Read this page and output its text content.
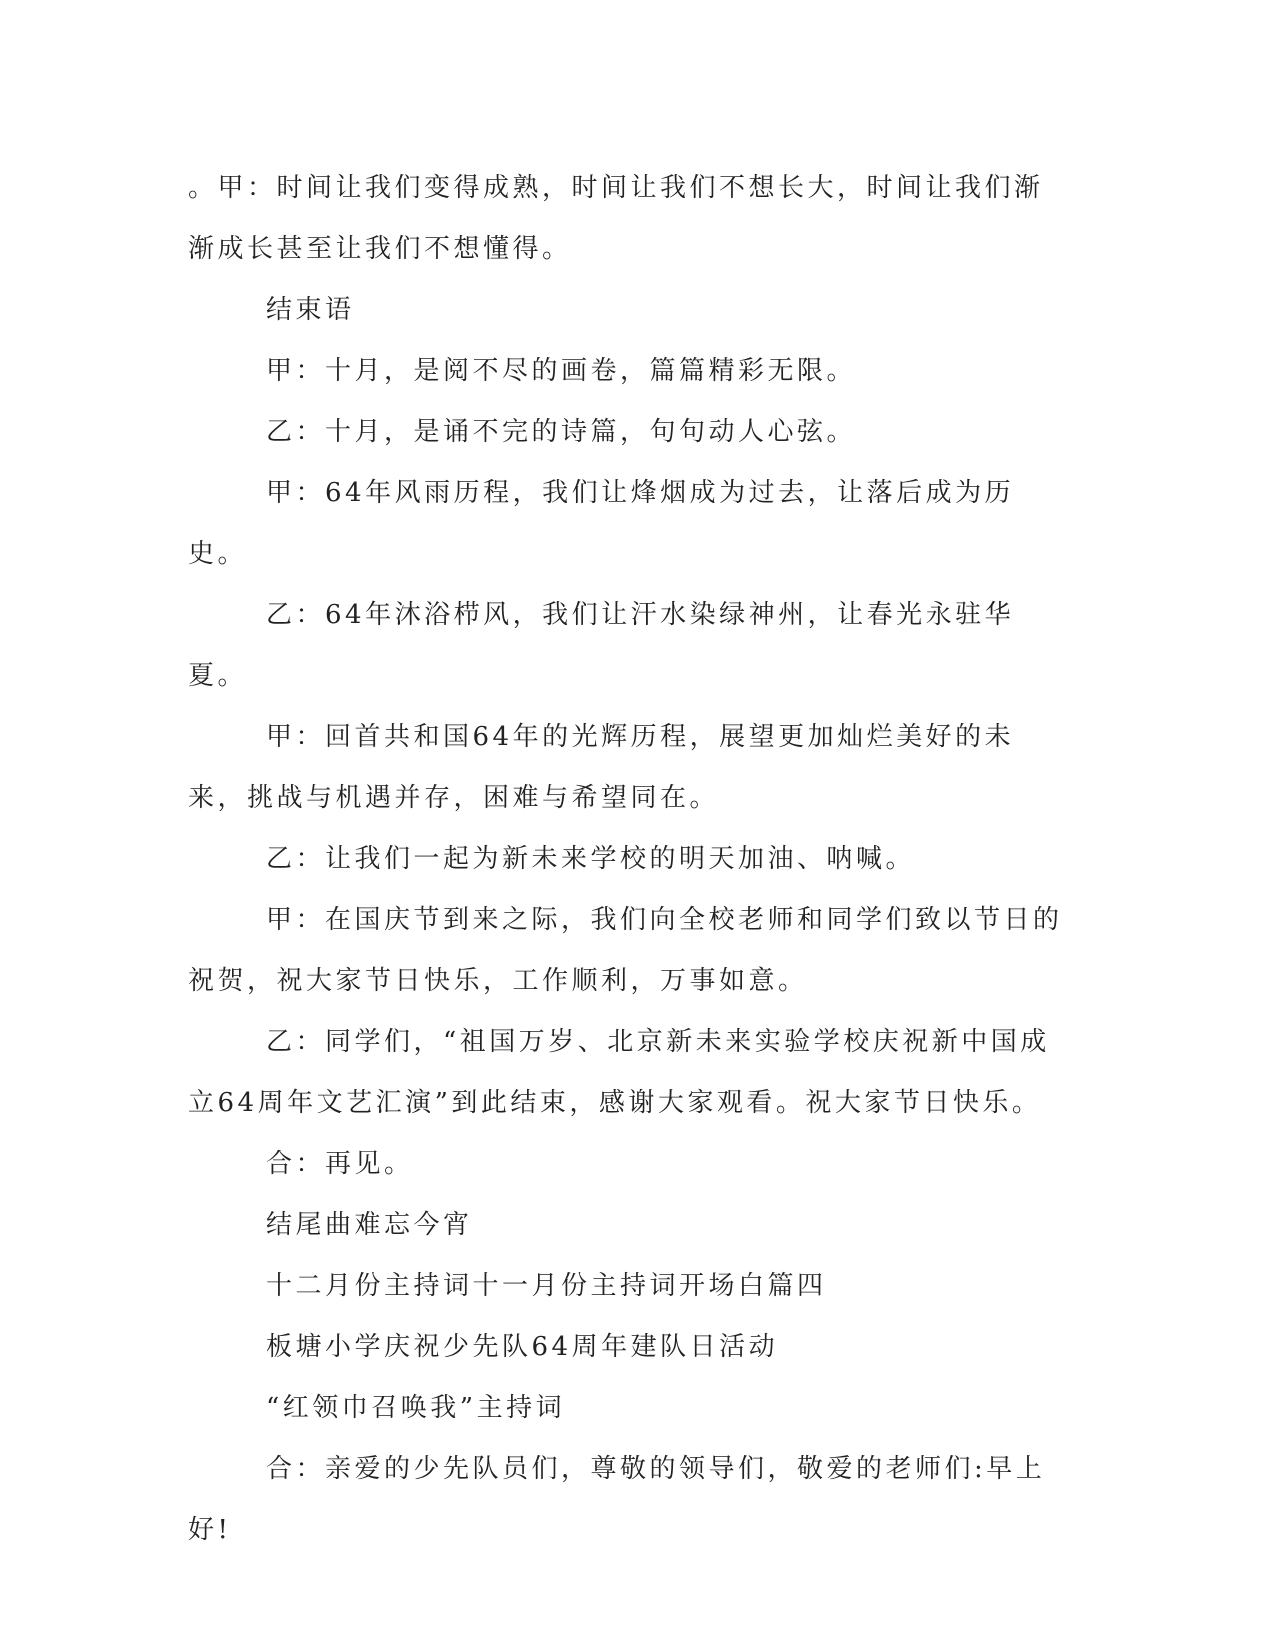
。甲：时间让我们变得成熟，时间让我们不想长大，时间让我们渐渐成长甚至让我们不想懂得。

结束语

甲：十月，是阅不尽的画卷，篇篇精彩无限。

乙：十月，是诵不完的诗篇，句句动人心弦。

甲：64年风雨历程，我们让烽烟成为过去，让落后成为历史。

乙：64年沐浴栉风，我们让汗水染绿神州，让春光永驻华夏。

甲：回首共和国64年的光辉历程，展望更加灿烂美好的未来，挑战与机遇并存，困难与希望同在。

乙：让我们一起为新未来学校的明天加油、呐喊。

甲：在国庆节到来之际，我们向全校老师和同学们致以节日的祝贺，祝大家节日快乐，工作顺利，万事如意。

乙：同学们，“祖国万岁、北京新未来实验学校庆祝新中国成立64周年文艺汇演”到此结束，感谢大家观看。祝大家节日快乐。

合：再见。

结尾曲难忘今宵

十二月份主持词十一月份主持词开场白篇四

板塘小学庆祝少先队64周年建队日活动

“红领巾召唤我”主持词

合：亲爱的少先队员们，尊敬的领导们，敬爱的老师们:早上好!
